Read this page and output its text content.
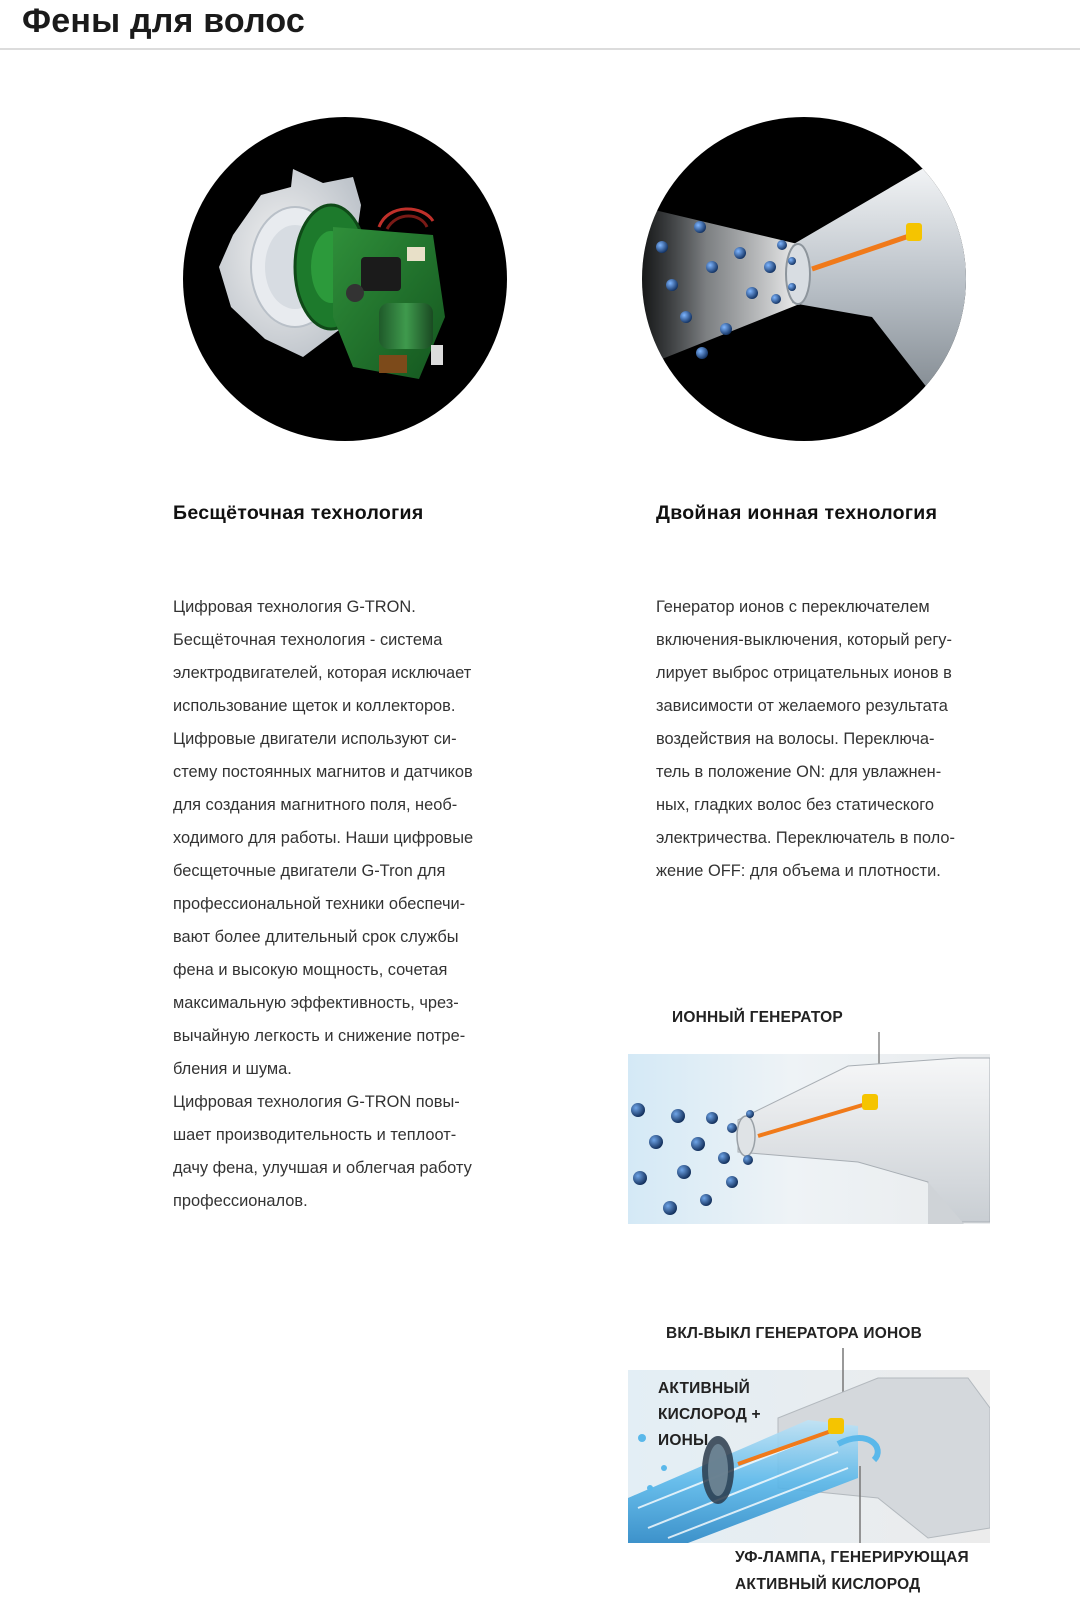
Фены для волос
Бесщёточная технология
Цифровая технология G-TRON.
Бесщётoчная технология - система
электродвигателей, которая исключает
использование щеток и коллекторов.
Цифровые двигатели используют си-
стему постоянных магнитов и датчиков
для создания магнитного поля, необ-
ходимого для работы. Наши цифровые
бесщеточные двигатели G-Tron для
профессиональной техники обеспечи-
вают более длительный срок службы
фена и высокую мощность, сочетая
максимальную эффективность, чрез-
вычайную легкость и снижение потре-
бления и шума.
Цифровая технология G-TRON повы-
шает производительность и теплоот-
дачу фена, улучшая и облегчая работу
профессионалов.
Двойная ионная технология
Генератор ионов с переключателем
включения-выключения, который регу-
лирует выброс отрицательных ионов в
зависимости от желаемого результата
воздействия на волосы. Переключа-
тель в положение ON: для увлажнен-
ных, гладких волос без статического
электричества. Переключатель в поло-
жение OFF: для объема и плотности.

ИОННЫЙ ГЕНЕРАТОР

ВКЛ-ВЫКЛ ГЕНЕРАТОРА ИОНОВ

АКТИВНЫЙ
КИСЛОРОД +
ИОНЫ
УФ-ЛАМПА, ГЕНЕРИРУЮЩАЯ
АКТИВНЫЙ КИСЛОРОД
